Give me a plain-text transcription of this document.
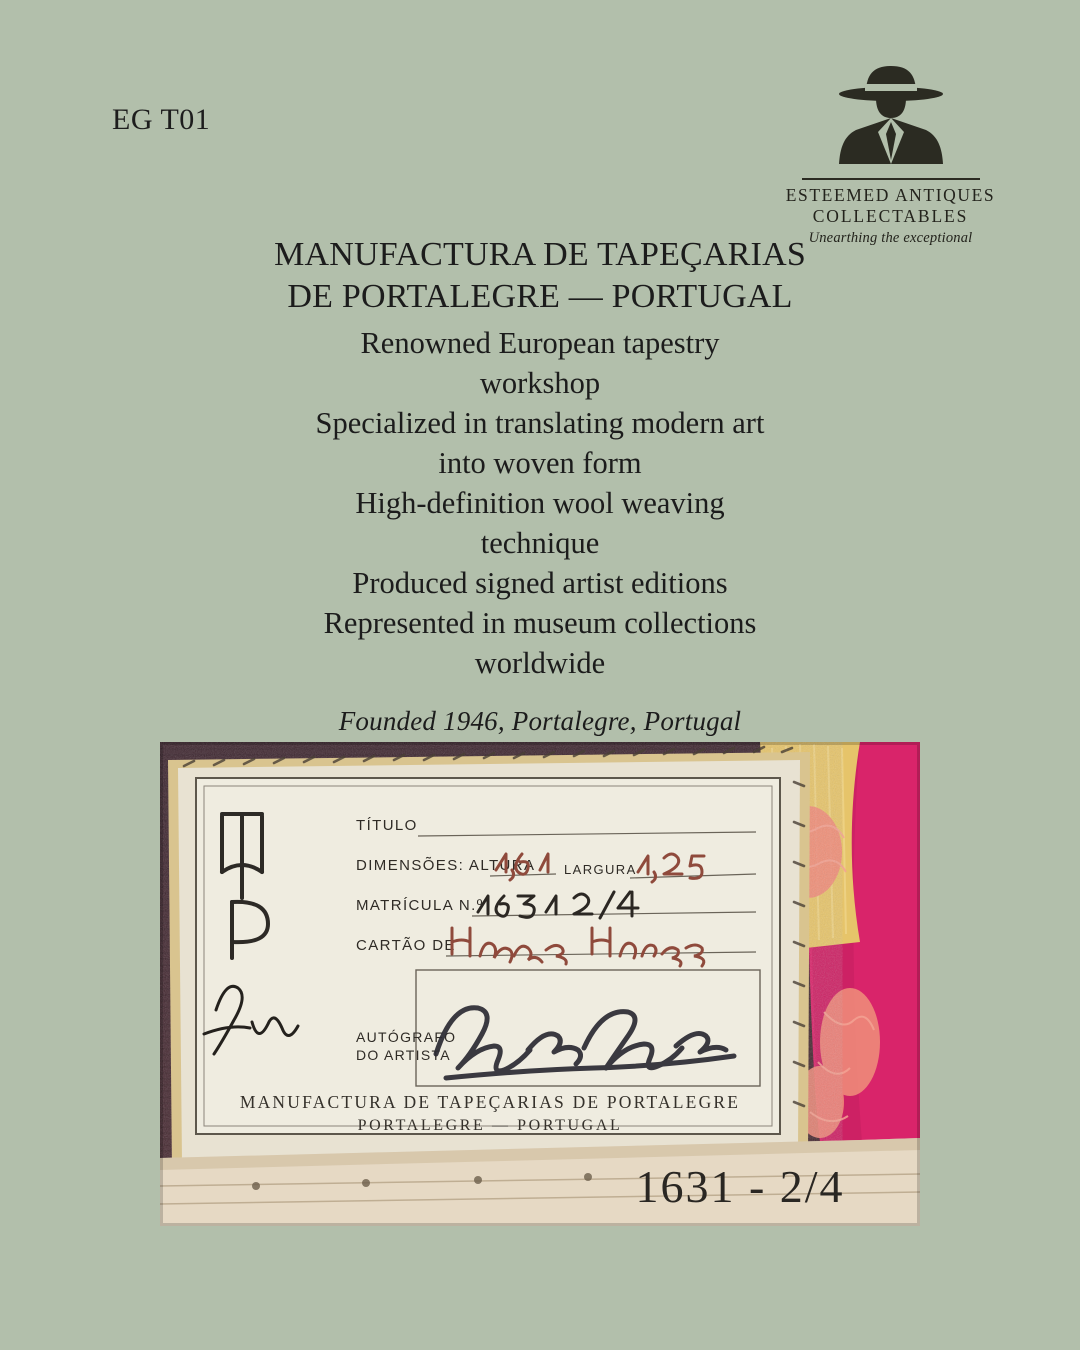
EG T01
ESTEEMED ANTIQUES
COLLECTABLES
Unearthing the exceptional
MANUFACTURA DE TAPEÇARIAS
DE PORTALEGRE — PORTUGAL
Renowned European tapestry
workshop
Specialized in translating modern art
into woven form
High-definition wool weaving
technique
Produced signed artist editions
Represented in museum collections
worldwide
Founded 1946, Portalegre, Portugal
TÍTULO
DIMENSÕES: ALTURA LARGURA
MATRÍCULA N.º
CARTÃO DE
AUTÓGRAFO
DO ARTISTA
MANUFACTURA DE TAPEÇARIAS DE PORTALEGRE
PORTALEGRE — PORTUGAL
1631 - 2/4
